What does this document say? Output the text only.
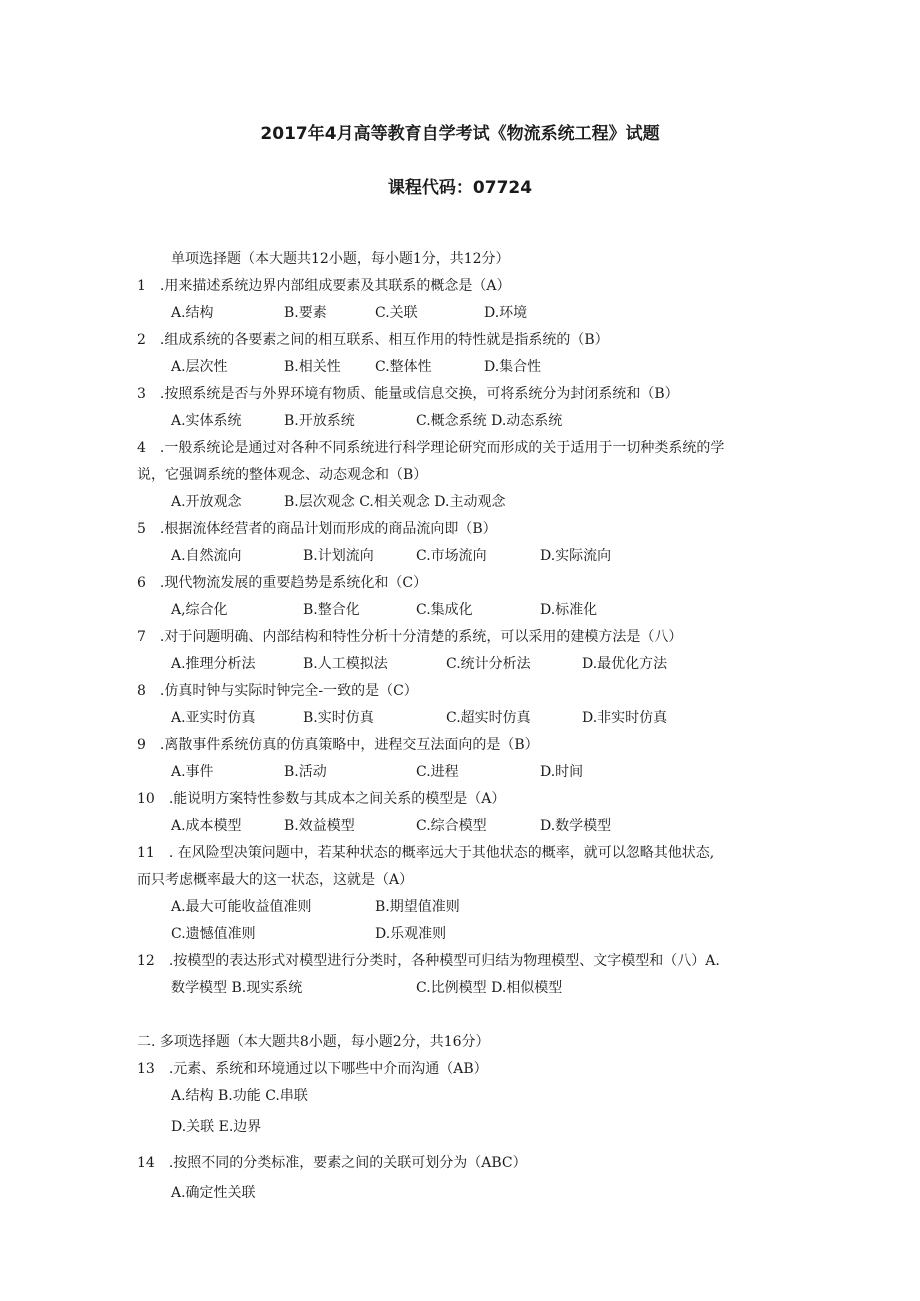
2017年4月高等教育自学考试《物流系统工程》试题
课程代码：07724
单项选择题（本大题共12小题，每小题1分，共12分）
1　.用来描述系统边界内部组成要素及其联系的概念是（A）
A.结构	B.要素	C.关联	D.环境
2　.组成系统的各要素之间的相互联系、相互作用的特性就是指系统的（B）
A.层次性	B.相关性 C.整体性	D.集合性
3　.按照系统是否与外界环境有物质、能量或信息交换，可将系统分为封闭系统和（B）
A.实体系统	B.开放系统	C.概念系统 D.动态系统
4　.一般系统论是通过对各种不同系统进行科学理论研究而形成的关于适用于一切种类系统的学
说，它强调系统的整体观念、动态观念和（B）
A.开放观念	B.层次观念 C.相关观念 D.主动观念
5　.根据流体经营者的商品计划而形成的商品流向即（B）
A.自然流向	B.计划流向	C.市场流向	D.实际流向
6　.现代物流发展的重要趋势是系统化和（C）
A,综合化	B.整合化	C.集成化	D.标准化
7　.对于问题明确、内部结构和特性分析十分清楚的系统，可以采用的建模方法是（八）
A.推理分析法	B.人工模拟法	C.统计分析法	D.最优化方法
8　.仿真时钟与实际时钟完全-一致的是（C）
A.亚实时仿真	B.实时仿真	C.超实时仿真	D.非实时仿真
9　.离散事件系统仿真的仿真策略中，进程交互法面向的是（B）
A.事件	B.活动	C.进程	D.时间
10　.能说明方案特性参数与其成本之间关系的模型是（A）
A.成本模型	B.效益模型	C.综合模型	D.数学模型
11　. 在风险型决策问题中，若某种状态的概率远大于其他状态的概率，就可以忽略其他状态,
而只考虑概率最大的这一状态，这就是（A）
A.最大可能收益值准则	B.期望值准则
C.遗憾值准则	D.乐观准则
12　.按模型的表达形式对模型进行分类时，各种模型可归结为物理模型、文字模型和（八）A.
数学模型 B.现实系统	C.比例模型 D.相似模型
二. 多项选择题（本大题共8小题，每小题2分，共16分）
13　.元素、系统和环境通过以下哪些中介而沟通（AB）
A.结构 B.功能 C.串联
D.关联 E.边界
14　.按照不同的分类标准，要素之间的关联可划分为（ABC）
A.确定性关联
